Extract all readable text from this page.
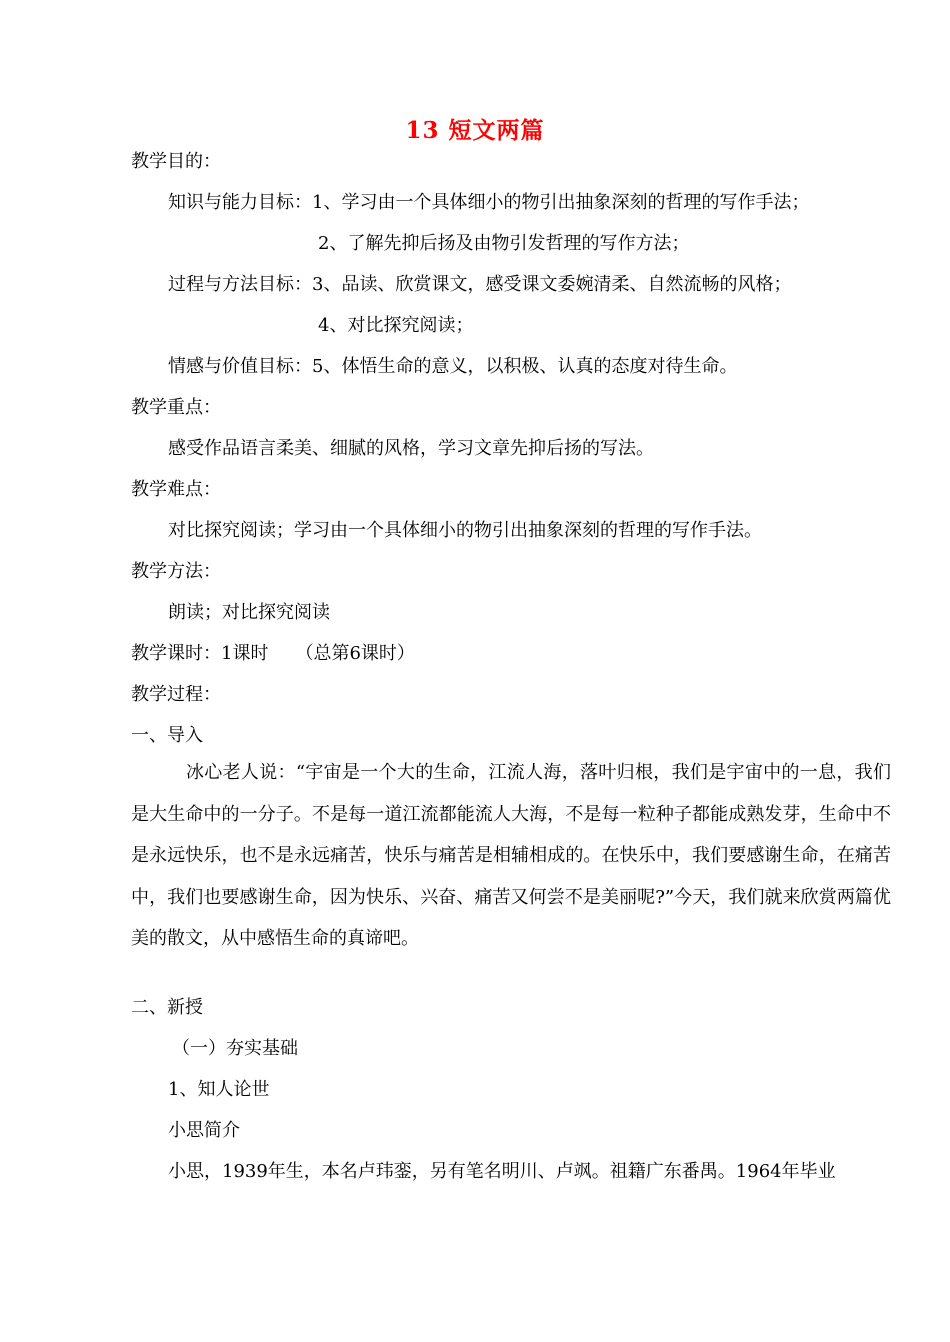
13 短文两篇
教学目的：
知识与能力目标：1、学习由一个具体细小的物引出抽象深刻的哲理的写作手法；
2、了解先抑后扬及由物引发哲理的写作方法；
过程与方法目标：3、品读、欣赏课文，感受课文委婉清柔、自然流畅的风格；
4、对比探究阅读；
情感与价值目标：5、体悟生命的意义，以积极、认真的态度对待生命。
教学重点：
感受作品语言柔美、细腻的风格，学习文章先抑后扬的写法。
教学难点：
对比探究阅读；学习由一个具体细小的物引出抽象深刻的哲理的写作手法。
教学方法：
朗读；对比探究阅读
教学课时：1课时　　（总第6课时）
教学过程：
一、导入
冰心老人说：“宇宙是一个大的生命，江流人海，落叶归根，我们是宇宙中的一息，我们是大生命中的一分子。不是每一道江流都能流人大海，不是每一粒种子都能成熟发芽，生命中不是永远快乐，也不是永远痛苦，快乐与痛苦是相辅相成的。在快乐中，我们要感谢生命，在痛苦中，我们也要感谢生命，因为快乐、兴奋、痛苦又何尝不是美丽呢?”今天，我们就来欣赏两篇优美的散文，从中感悟生命的真谛吧。
二、新授
（一）夯实基础
1、知人论世
小思简介
小思，1939年生，本名卢玮銮，另有笔名明川、卢飒。祖籍广东番禺。1964年毕业
